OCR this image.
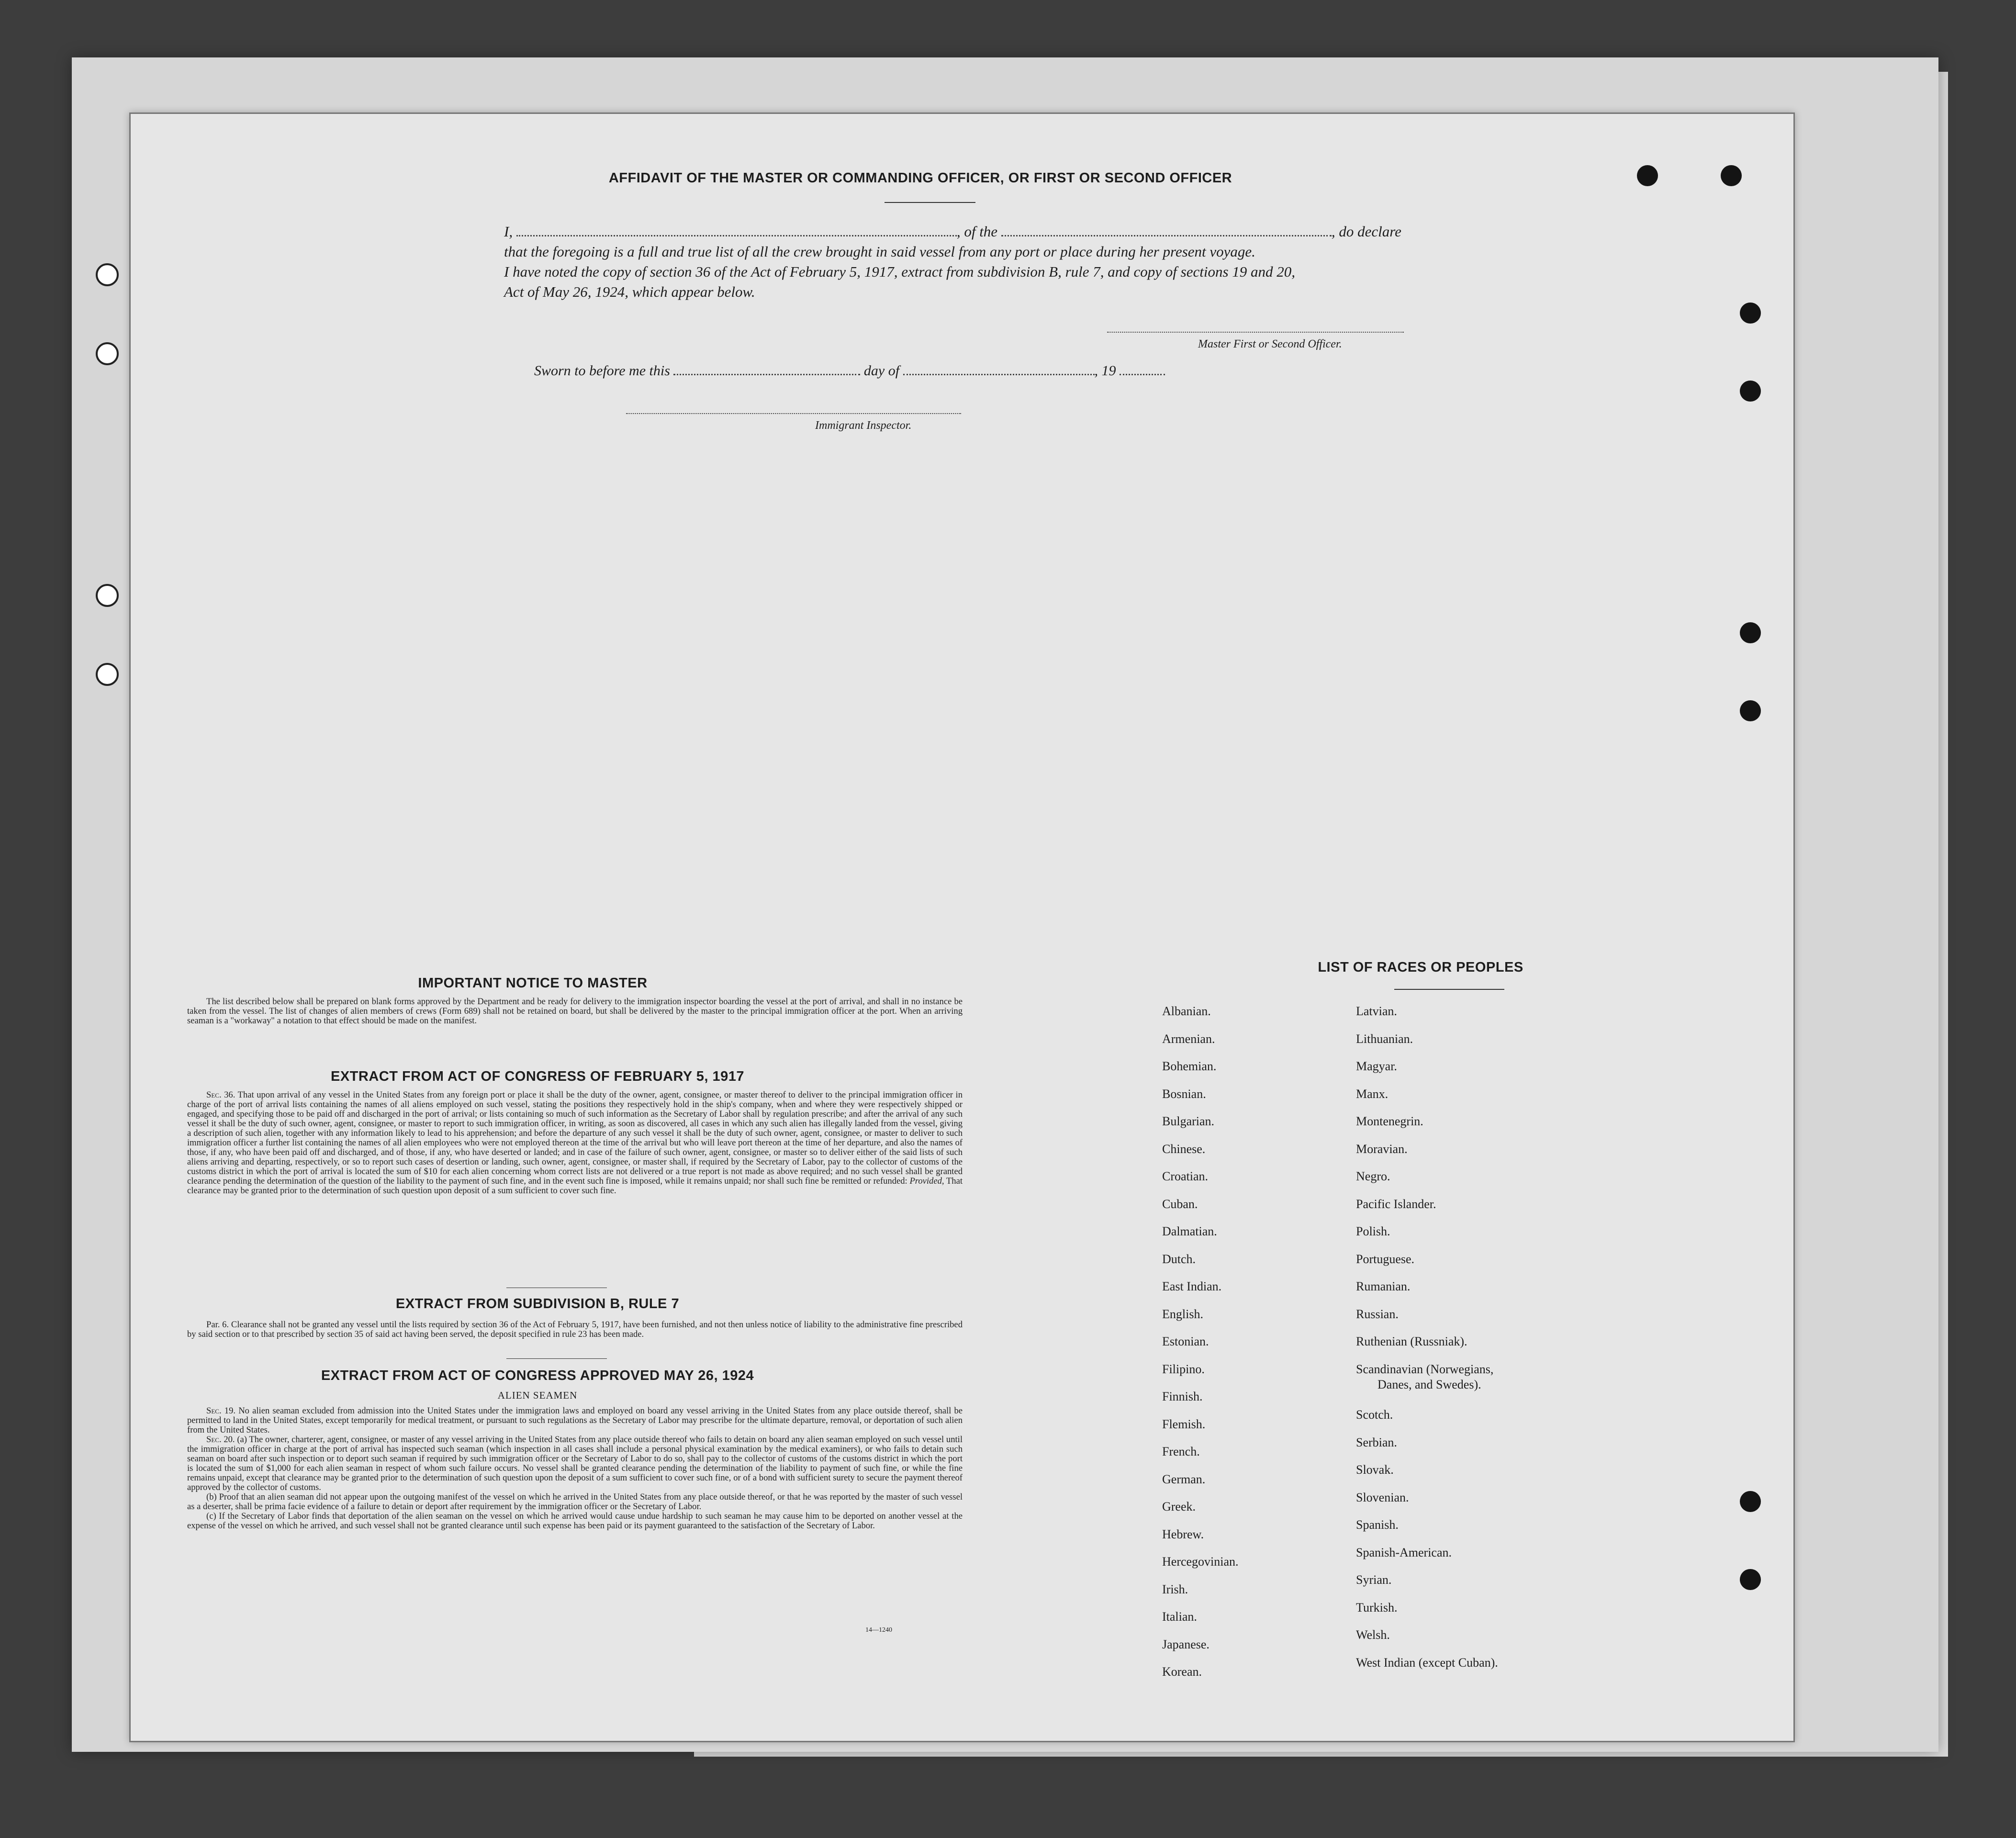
AFFIDAVIT OF THE MASTER OR COMMANDING OFFICER, OR FIRST OR SECOND OFFICER
I,	, of the	, do declare
that the foregoing is a full and true list of all the crew brought in said vessel from any port or place during her present voyage.
I have noted the copy of section 36 of the Act of February 5, 1917, extract from subdivision B, rule 7, and copy of sections 19 and 20,
Act of May 26, 1924, which appear below.
Master First or Second Officer.
Sworn to before me this	day of	, 19
Immigrant Inspector.
IMPORTANT NOTICE TO MASTER

The list described below shall be prepared on blank forms approved by the Department and be ready for delivery to the immigration inspector boarding the vessel at the port of arrival, and shall in no instance be taken from the vessel. The list of changes of alien members of crews (Form 689) shall not be retained on board, but shall be delivered by the master to the principal immigration officer at the port. When an arriving seaman is a "workaway" a notation to that effect should be made on the manifest.

EXTRACT FROM ACT OF CONGRESS OF FEBRUARY 5, 1917

Sec. 36. That upon arrival of any vessel in the United States from any foreign port or place it shall be the duty of the owner, agent, consignee, or master thereof to deliver to the principal immigration officer in charge of the port of arrival lists containing the names of all aliens employed on such vessel, stating the positions they respectively hold in the ship's company, when and where they were respectively shipped or engaged, and specifying those to be paid off and discharged in the port of arrival; or lists containing so much of such information as the Secretary of Labor shall by regulation prescribe; and after the arrival of any such vessel it shall be the duty of such owner, agent, consignee, or master to report to such immigration officer, in writing, as soon as discovered, all cases in which any such alien has illegally landed from the vessel, giving a description of such alien, together with any information likely to lead to his apprehension; and before the departure of any such vessel it shall be the duty of such owner, agent, consignee, or master to deliver to such immigration officer a further list containing the names of all alien employees who were not employed thereon at the time of the arrival but who will leave port thereon at the time of her departure, and also the names of those, if any, who have been paid off and discharged, and of those, if any, who have deserted or landed; and in case of the failure of such owner, agent, consignee, or master so to deliver either of the said lists of such aliens arriving and departing, respectively, or so to report such cases of desertion or landing, such owner, agent, consignee, or master shall, if required by the Secretary of Labor, pay to the collector of customs of the customs district in which the port of arrival is located the sum of $10 for each alien concerning whom correct lists are not delivered or a true report is not made as above required; and no such vessel shall be granted clearance pending the determination of the question of the liability to the payment of such fine, and in the event such fine is imposed, while it remains unpaid; nor shall such fine be remitted or refunded: Provided, That clearance may be granted prior to the determination of such question upon deposit of a sum sufficient to cover such fine.

EXTRACT FROM SUBDIVISION B, RULE 7

Par. 6. Clearance shall not be granted any vessel until the lists required by section 36 of the Act of February 5, 1917, have been furnished, and not then unless notice of liability to the administrative fine prescribed by said section or to that prescribed by section 35 of said act having been served, the deposit specified in rule 23 has been made.

EXTRACT FROM ACT OF CONGRESS APPROVED MAY 26, 1924
ALIEN SEAMEN

Sec. 19. No alien seaman excluded from admission into the United States under the immigration laws and employed on board any vessel arriving in the United States from any place outside thereof, shall be permitted to land in the United States, except temporarily for medical treatment, or pursuant to such regulations as the Secretary of Labor may prescribe for the ultimate departure, removal, or deportation of such alien from the United States.

Sec. 20. (a) The owner, charterer, agent, consignee, or master of any vessel arriving in the United States from any place outside thereof who fails to detain on board any alien seaman employed on such vessel until the immigration officer in charge at the port of arrival has inspected such seaman (which inspection in all cases shall include a personal physical examination by the medical examiners), or who fails to detain such seaman on board after such inspection or to deport such seaman if required by such immigration officer or the Secretary of Labor to do so, shall pay to the collector of customs of the customs district in which the port is located the sum of $1,000 for each alien seaman in respect of whom such failure occurs. No vessel shall be granted clearance pending the determination of the liability to payment of such fine, or while the fine remains unpaid, except that clearance may be granted prior to the determination of such question upon the deposit of a sum sufficient to cover such fine, or of a bond with sufficient surety to secure the payment thereof approved by the collector of customs.

(b) Proof that an alien seaman did not appear upon the outgoing manifest of the vessel on which he arrived in the United States from any place outside thereof, or that he was reported by the master of such vessel as a deserter, shall be prima facie evidence of a failure to detain or deport after requirement by the immigration officer or the Secretary of Labor.

(c) If the Secretary of Labor finds that deportation of the alien seaman on the vessel on which he arrived would cause undue hardship to such seaman he may cause him to be deported on another vessel at the expense of the vessel on which he arrived, and such vessel shall not be granted clearance until such expense has been paid or its payment guaranteed to the satisfaction of the Secretary of Labor.

14—1240
LIST OF RACES OR PEOPLES
Albanian.
Armenian.
Bohemian.
Bosnian.
Bulgarian.
Chinese.
Croatian.
Cuban.
Dalmatian.
Dutch.
East Indian.
English.
Estonian.
Filipino.
Finnish.
Flemish.
French.
German.
Greek.
Hebrew.
Hercegovinian.
Irish.
Italian.
Japanese.
Korean.
Latvian.
Lithuanian.
Magyar.
Manx.
Montenegrin.
Moravian.
Negro.
Pacific Islander.
Polish.
Portuguese.
Rumanian.
Russian.
Ruthenian (Russniak).
Scandinavian (Norwegians,
Danes, and Swedes).
Scotch.
Serbian.
Slovak.
Slovenian.
Spanish.
Spanish-American.
Syrian.
Turkish.
Welsh.
West Indian (except Cuban).
